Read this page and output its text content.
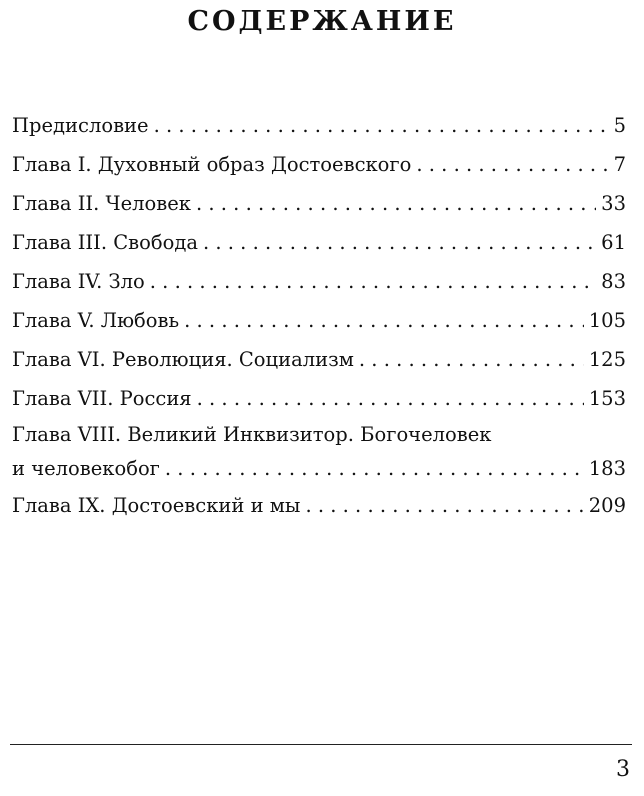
СОДЕРЖАНИЕ
Предисловие . . .	5
Глава I. Духовный образ Достоевского . . .	7
Глава II. Человек . . .	33
Глава III. Свобода . . .	61
Глава IV. Зло . . .	83
Глава V. Любовь . . .	105
Глава VI. Революция. Социализм . . .	125
Глава VII. Россия . . .	153
Глава VIII. Великий Инквизитор. Богочеловек
и человекобог . . .	183
Глава IX. Достоевский и мы . . .	209
3
